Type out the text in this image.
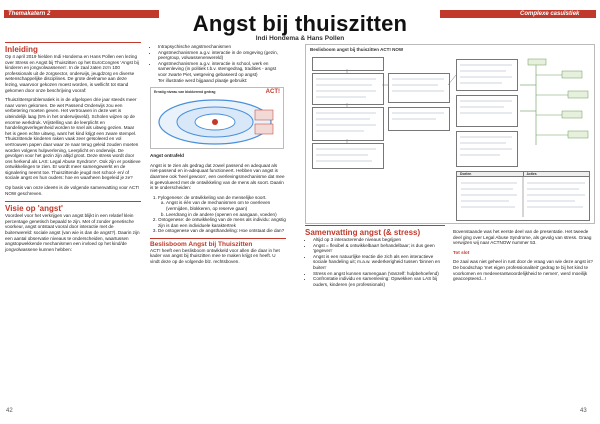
Themakatern 2	Complexe casuïstiek
Angst bij thuiszitten
Indi Hondema & Hans Pollen
Inleiding

Op 4 april 2019 hielden Indi Hondema en Hans Pollen een lezing over Stress en Angst bij Thuiszitten op het EuroCongres 'Angst bij kinderen en jongvolwassenen'. In de zaal zaten zo'n 100 professionals uit de zorgsector, onderwijs, jeugdzorg en diverse wetenschappelijke disciplines. De grote deelname aan deze lezing, waarvoor gekozen moest worden, is wellicht tot stand gekomen door onze beschrijving vooraf:

Thuiszittersproblematiek is in de afgelopen drie jaar steeds meer naar voren gekomen. De wet Passend Onderwijs zou een verbetering moeten geven. Het vertrouwen in deze wet is uiteindelijk laag (5% in het onderwijsveld). Scholen wijzen op de enorme werkdruk. Vrijstelling van de leerplicht en handelingsverlegenheid worden te snel als uitweg gezien. Maar het is geen echte uitweg, want het kind krijgt een zware stempel. Thuiszittende kinderen raken vaak zeer geïsoleerd en vol vertrouwen papen daar waar ze naar terug geleid zouden moeten worden volgens hulpverlening, Leerplicht en onderwijs. De gevolgen voor het gezin zijn altijd groot. Deze stress wordt door ons herkend als LAS: Legal Abuse Syndrom*. Ook zijn er positieve ontwikkelingen te zien. Er wordt meer samengewerkt en de signalering neemt toe. Thuiszittende jeugd met school- en/ of sociale angst en hun ouders: hoe en waarheen begeleid je ze?

Op basis van onze ideeën is de volgende samenvatting voor ACT! NOW geschreven.

Visie op 'angst'

Voordeel voor het verkrijgen van angst blijkt in een relatief klein percentage genetisch bepaald te zijn. Met of zonder genetische voorkeur, angst ontstaat vooral door interactie met de buitenwereld: sociale angst (van wie is dan de angst?). Daarin zijn een aantal observatie niveaus te onderscheiden, waartussen angstopwekkende mechanismen een invloed op het kind/de jongvolwassene kunnen hebben:

• Intrapsychische angstmechanismen
• Angstmechanismen a.g.v. interactie in de omgeving (gezin, peergroup, volwassenenwereld)
• Angstmechanismen a.g.v. interactie in school, werk en samenleving (in politiek t.b.v. stemgedrag, tradities - angst voor zwarte Piet, wetgeving gebaseerd op angst)

Ter illustratie werd bijgaand plaatje gebruikt:

Ernstig niveau van blokkerend gedrag	ACT!

Angst ontrafeld

Angst is te zien als gedrag dat zowel passend en adequaat als niet-passend en in-adequaat functioneert. Hebben van angst is daarmee ook 'heel gewoon', een overlevingsmechanisme dat mee is geëvolueerd met de ontwikkeling van de mens als soort. Daarin is te onderscheiden:

1. Fylogenese: de ontwikkeling van de menselijke soort.
a. Angst is één van de mechanismen om te overleven (vermijden, blokkeren, op reserve gaan)
b. Leerdrang in de andere (openen en aangaan, voeden)
2. Ontogenese: de ontwikkeling van de mens als individu: angstig zijn is dan een individuele karaktertrek
3. De ontogenese van de angsthandeling: Hoe ontstaat die dan?
Beslisboom Angst bij Thuiszitten

ACT! heeft een beslisboom ontwikkeld voor allen die daar in het kader van angst bij thuiszitten mee te maken krijgt en heeft. U vindt deze op de volgende blz. rechtsboven.

Beslisboom angst bij thuiszitten ACT! NOW
Doelen	Acties
Samenvatting angst (& stress)
• Altijd op 3 interacterende niveaus begrijpen
• Angst = flexibel & ontwikkelbaar! behandelbaar; is dus geen 'gegeven'
• Angst is een natuurlijke reactie die zich als een interactieve sociale handeling uit; m.a.w. wederkerigheid tussen 'binnen en buiten'
• Stress en angst kunnen samengaan (Vanzelf: hulpbehoefend)
• Confrontatie individu en samenleving: Opwekken van LAS bij ouders, kinderen (en professionals)

Bovenstaande was het eerste deel van de presentatie. Het tweede deel ging over Legal Abuse Syndrome, als gevolg van stress. Graag verwijzen wij naar ACTNOW nummer 53.

Tot slot

De zaal was niet geheel in rust door de vraag van wie deze angst is? De boodschap 'met eigen professionaliteit' gedrag te bij het kind te voorkomen en medeverantwoordelijkheid te nemen', werd moeilijk geaccepteerd...!

42	43
